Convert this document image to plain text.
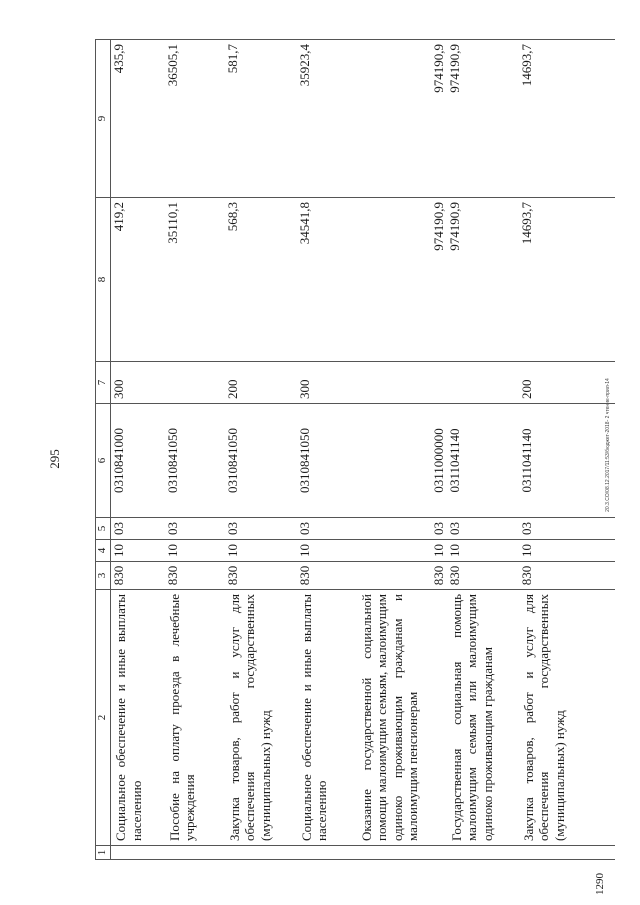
295	20.3.CO/08.12.2017/11:53/бюджет-2018- 2 чтение-прил-14
1290
1	2	3	4	5	6	7	8	9
	Социальное обеспечение и иные выплаты населению	830	10	03	0310841000	300	419,2	435,9
	Пособие на оплату проезда в лечебные учреждения	830	10	03	0310841050		35110,1	36505,1
	Закупка товаров, работ и услуг для обеспечения государственных (муниципальных) нужд	830	10	03	0310841050	200	568,3	581,7
	Социальное обеспечение и иные выплаты населению	830	10	03	0310841050	300	34541,8	35923,4
	Оказание государственной социальной помощи малоимущим семьям, малоимущим одиноко проживающим гражданам и малоимущим пенсионерам	830	10	03	0311000000		974190,9	974190,9
	Государственная социальная помощь малоимущим семьям или малоимущим одиноко проживающим гражданам	830	10	03	0311041140		974190,9	974190,9
	Закупка товаров, работ и услуг для обеспечения государственных (муниципальных) нужд	830	10	03	0311041140	200	14693,7	14693,7
